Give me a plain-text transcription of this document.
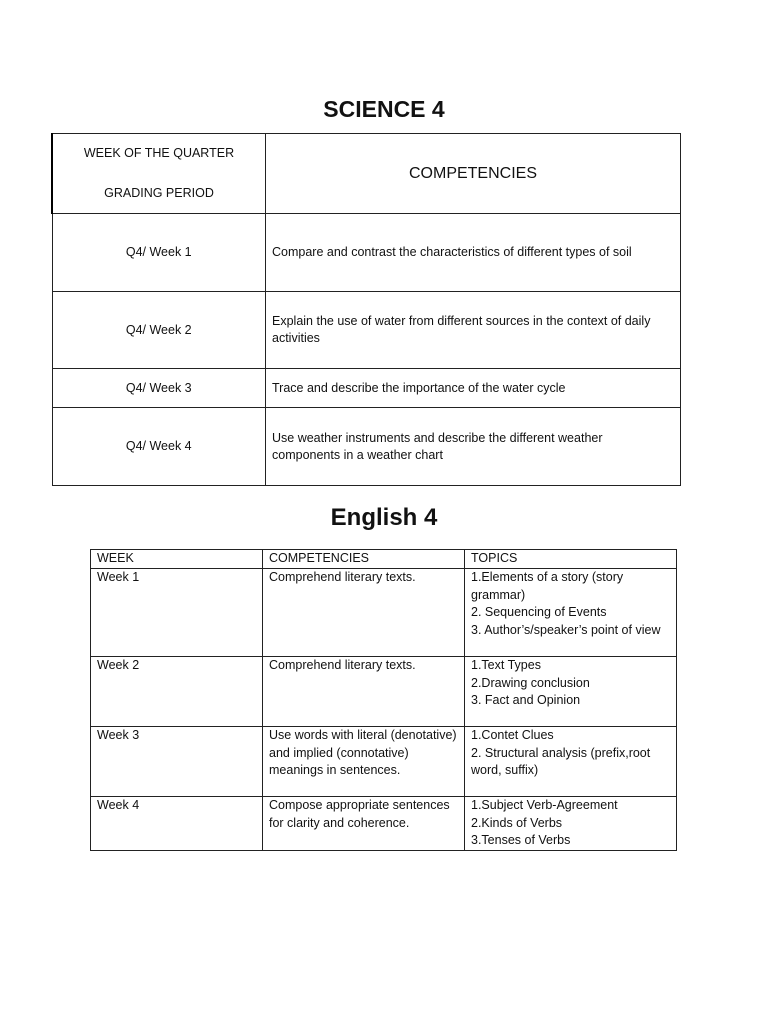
SCIENCE 4
WEEK OF THE QUARTER
GRADING PERIOD	COMPETENCIES
Q4/ Week 1	Compare and contrast the characteristics of different types of soil
Q4/ Week 2	Explain the use of water from different sources in the context of daily activities
Q4/ Week 3	Trace and describe the importance of the water cycle
Q4/ Week 4	Use weather instruments and describe the different weather components in a weather chart
English 4
WEEK	COMPETENCIES	TOPICS
Week 1	Comprehend literary texts.	1.Elements of a story (story grammar)
2. Sequencing of Events
3. Author’s/speaker’s point of view

Week 2	Comprehend literary texts.	1.Text Types
2.Drawing conclusion
3. Fact and Opinion

Week 3	Use words with literal (denotative) and implied (connotative) meanings in sentences.	1.Contet Clues
2. Structural analysis (prefix,root word, suffix)

Week 4	Compose appropriate sentences for clarity and coherence.	1.Subject Verb-Agreement
2.Kinds of Verbs
3.Tenses of Verbs
